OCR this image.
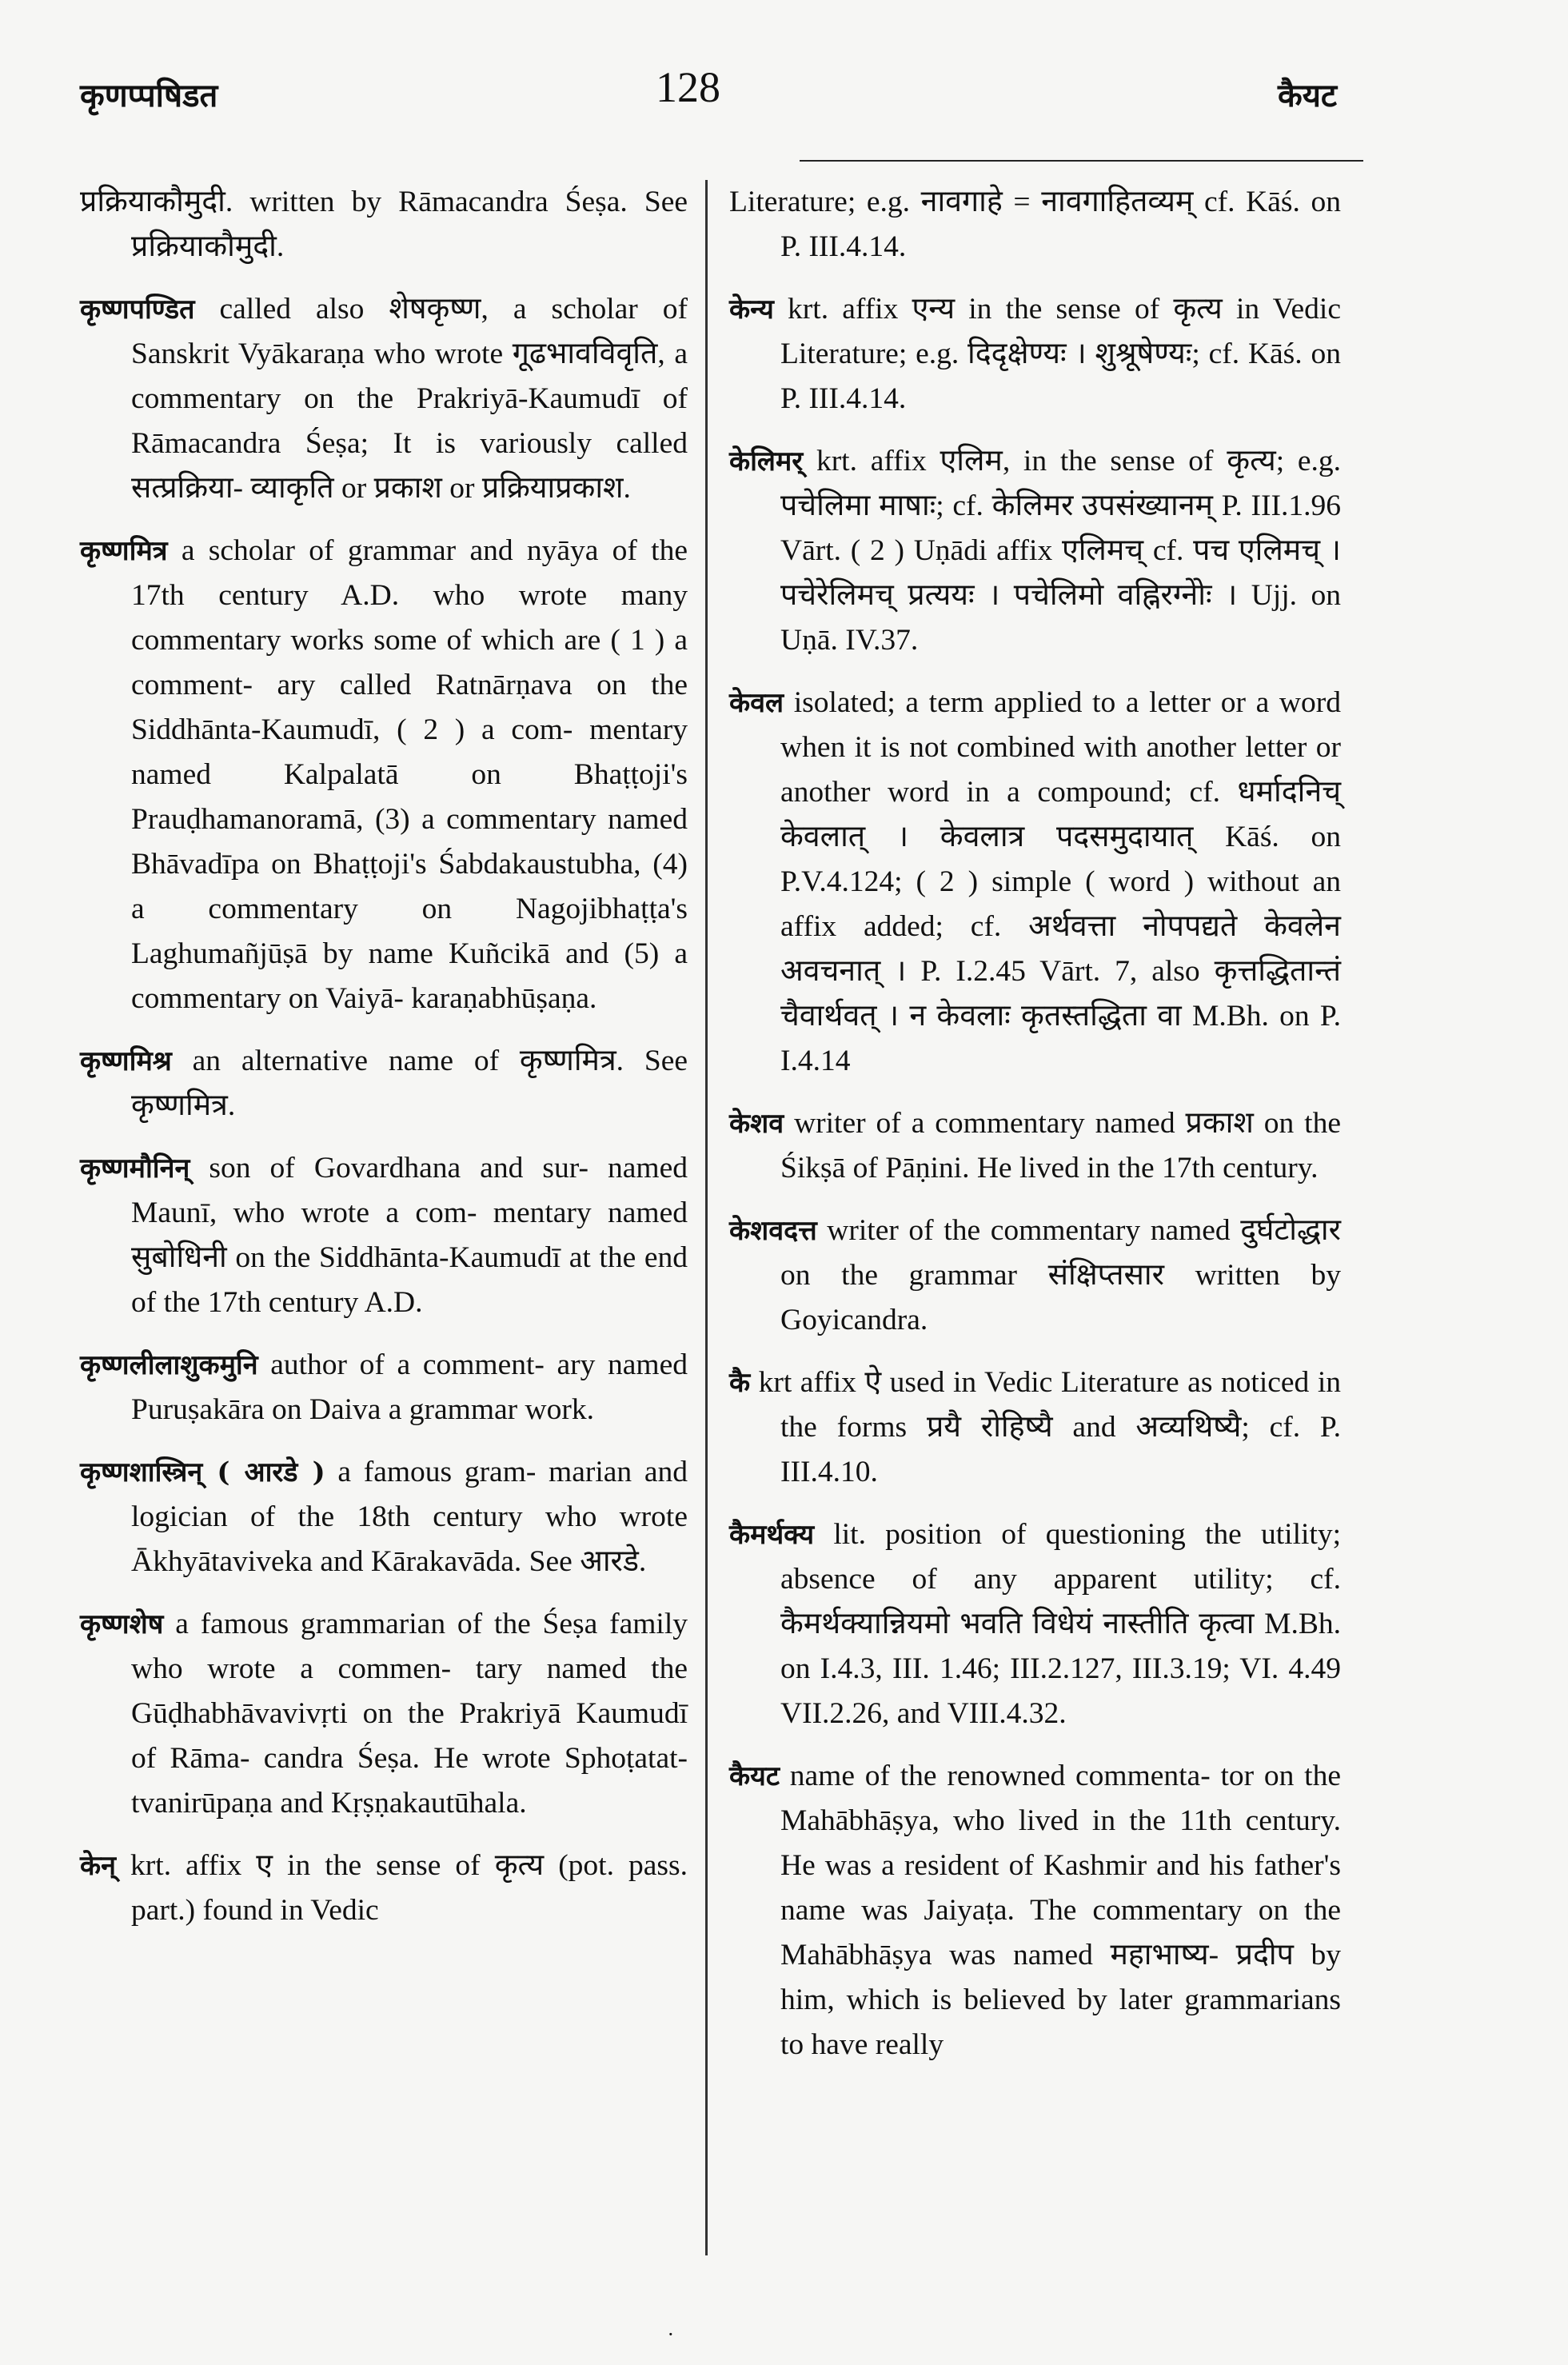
कृणप्पषिडत	128	कैयट

प्रक्रियाकौमुदी. written by Rāmacandra Śeṣa. See प्रक्रियाकौमुदी.

कृष्णपण्डित called also शेषकृष्ण, a scholar of Sanskrit Vyākaraṇa who wrote गूढभावविवृति, a commentary on the Prakriyā-Kaumudī of Rāmacandra Śeṣa; It is variously called सत्प्रक्रिया- व्याकृति or प्रकाश or प्रक्रियाप्रकाश.

कृष्णमित्र a scholar of grammar and nyāya of the 17th century A.D. who wrote many commentary works some of which are ( 1 ) a comment- ary called Ratnārṇava on the Siddhānta-Kaumudī, ( 2 ) a com- mentary named Kalpalatā on Bhaṭṭoji's Prauḍhamanoramā, (3) a commentary named Bhāvadīpa on Bhaṭṭoji's Śabdakaustubha, (4) a commentary on Nagojibhaṭṭa's Laghumañjūṣā by name Kuñcikā and (5) a commentary on Vaiyā- karaṇabhūṣaṇa.

कृष्णमिश्र an alternative name of कृष्णमित्र. See कृष्णमित्र.

कृष्णमौनिन् son of Govardhana and sur- named Maunī, who wrote a com- mentary named सुबोधिनी on the Siddhānta-Kaumudī at the end of the 17th century A.D.

कृष्णलीलाशुकमुनि author of a comment- ary named Puruṣakāra on Daiva a grammar work.

कृष्णशास्त्रिन् ( आरडे ) a famous gram- marian and logician of the 18th century who wrote Ākhyātaviveka and Kārakavāda. See आरडे.

कृष्णशेष a famous grammarian of the Śeṣa family who wrote a commen- tary named the Gūḍhabhāvavivṛti on the Prakriyā Kaumudī of Rāma- candra Śeṣa. He wrote Sphoṭatat- tvanirūpaṇa and Kṛṣṇakautūhala.

केन् krt. affix ए in the sense of कृत्य (pot. pass. part.) found in Vedic

Literature; e.g. नावगाहे = नावगाहितव्यम् cf. Kāś. on P. III.4.14.

केन्य krt. affix एन्य in the sense of कृत्य in Vedic Literature; e.g. दिदृक्षेण्यः । शुश्रूषेण्यः; cf. Kāś. on P. III.4.14.

केलिमर् krt. affix एलिम, in the sense of कृत्य; e.g. पचेलिमा माषाः; cf. केलिमर उपसंख्यानम् P. III.1.96 Vārt. ( 2 ) Uṇādi affix एलिमच् cf. पच एलिमच् । पचेरेलिमच् प्रत्ययः । पचेलिमो वह्निरग्नेोः । Ujj. on Uṇā. IV.37.

केवल isolated; a term applied to a letter or a word when it is not combined with another letter or another word in a compound; cf. धर्मादनिच् केवलात् । केवलात्र पदसमुदायात् Kāś. on P.V.4.124; ( 2 ) simple ( word ) without an affix added; cf. अर्थवत्ता नोपपद्यते केवलेन अवचनात् । P. I.2.45 Vārt. 7, also कृत्तद्धितान्तं चैवार्थवत् । न केवलाः कृतस्तद्धिता वा M.Bh. on P. I.4.14

केशव writer of a commentary named प्रकाश on the Śikṣā of Pāṇini. He lived in the 17th century.

केशवदत्त writer of the commentary named दुर्घटोद्धार on the grammar संक्षिप्तसार written by Goyicandra.

कै krt affix ऐ used in Vedic Literature as noticed in the forms प्रयै रोहिष्यै and अव्यथिष्यै; cf. P. III.4.10.

कैमर्थक्य lit. position of questioning the utility; absence of any apparent utility; cf. कैमर्थक्यान्नियमो भवति विधेयं नास्तीति कृत्वा M.Bh. on I.4.3, III. 1.46; III.2.127, III.3.19; VI. 4.49 VII.2.26, and VIII.4.32.

कैयट name of the renowned commenta- tor on the Mahābhāṣya, who lived in the 11th century. He was a resident of Kashmir and his father's name was Jaiyaṭa. The commentary on the Mahābhāṣya was named महाभाष्य- प्रदीप by him, which is believed by later grammarians to have really

·
